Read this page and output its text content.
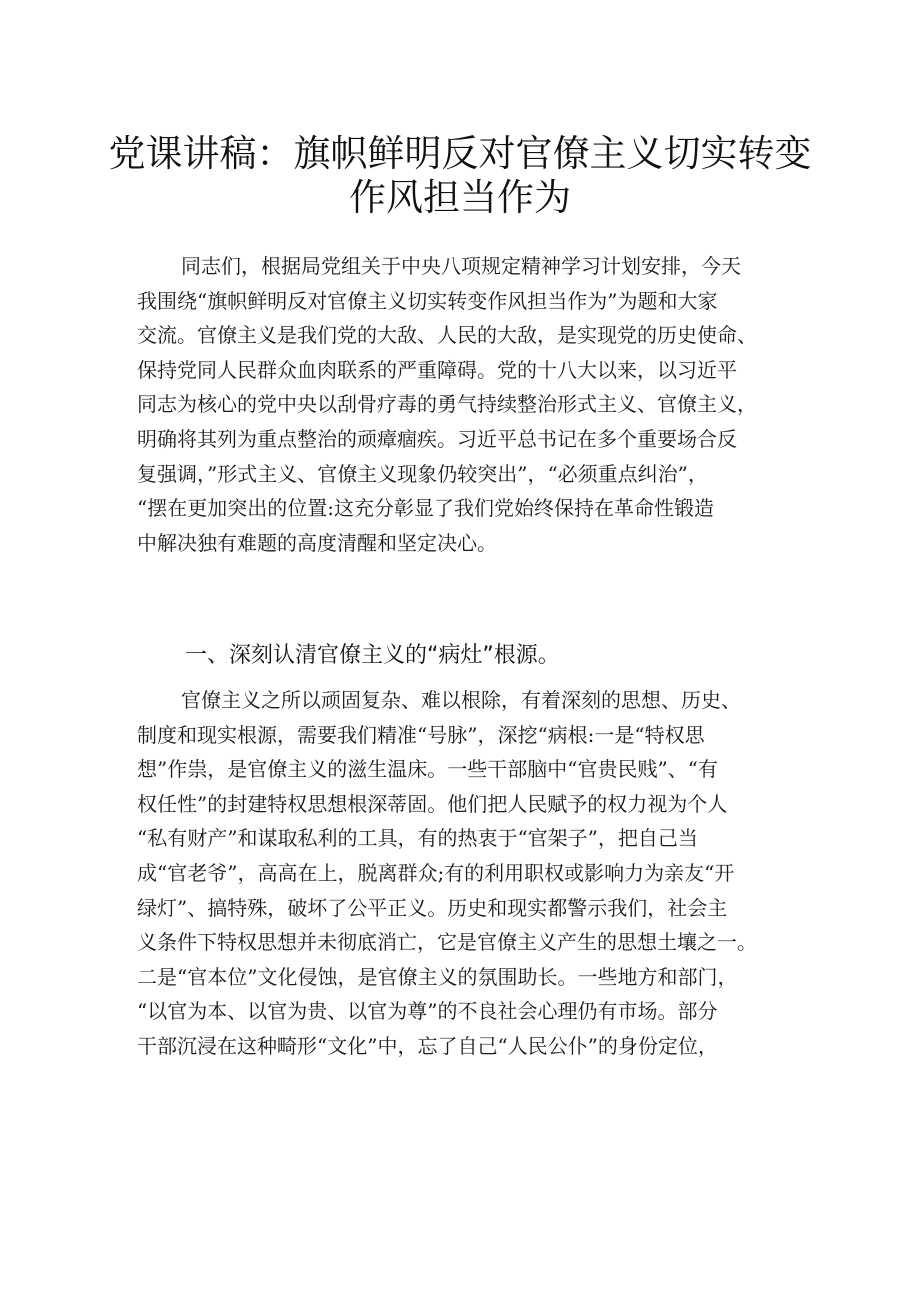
党课讲稿：旗帜鲜明反对官僚主义切实转变
作风担当作为
同志们，根据局党组关于中央八项规定精神学习计划安排，今天
我围绕“旗帜鲜明反对官僚主义切实转变作风担当作为”为题和大家
交流。官僚主义是我们党的大敌、人民的大敌，是实现党的历史使命、
保持党同人民群众血肉联系的严重障碍。党的十八大以来，以习近平
同志为核心的党中央以刮骨疗毒的勇气持续整治形式主义、官僚主义，
明确将其列为重点整治的顽瘴痼疾。习近平总书记在多个重要场合反
复强调，”形式主义、官僚主义现象仍较突出”，“必须重点纠治”，
“摆在更加突出的位置:这充分彰显了我们党始终保持在革命性锻造
中解决独有难题的高度清醒和坚定决心。
一、深刻认清官僚主义的“病灶”根源。
官僚主义之所以顽固复杂、难以根除，有着深刻的思想、历史、
制度和现实根源，需要我们精准“号脉”，深挖“病根:一是“特权思
想”作祟，是官僚主义的滋生温床。一些干部脑中“官贵民贱”、“有
权任性”的封建特权思想根深蒂固。他们把人民赋予的权力视为个人
“私有财产”和谋取私利的工具，有的热衷于“官架子”，把自己当
成“官老爷”，高高在上，脱离群众;有的利用职权或影响力为亲友“开
绿灯”、搞特殊，破坏了公平正义。历史和现实都警示我们，社会主
义条件下特权思想并未彻底消亡，它是官僚主义产生的思想土壤之一。
二是“官本位”文化侵蚀，是官僚主义的氛围助长。一些地方和部门，
“以官为本、以官为贵、以官为尊”的不良社会心理仍有市场。部分
干部沉浸在这种畸形“文化”中，忘了自己“人民公仆”的身份定位，
